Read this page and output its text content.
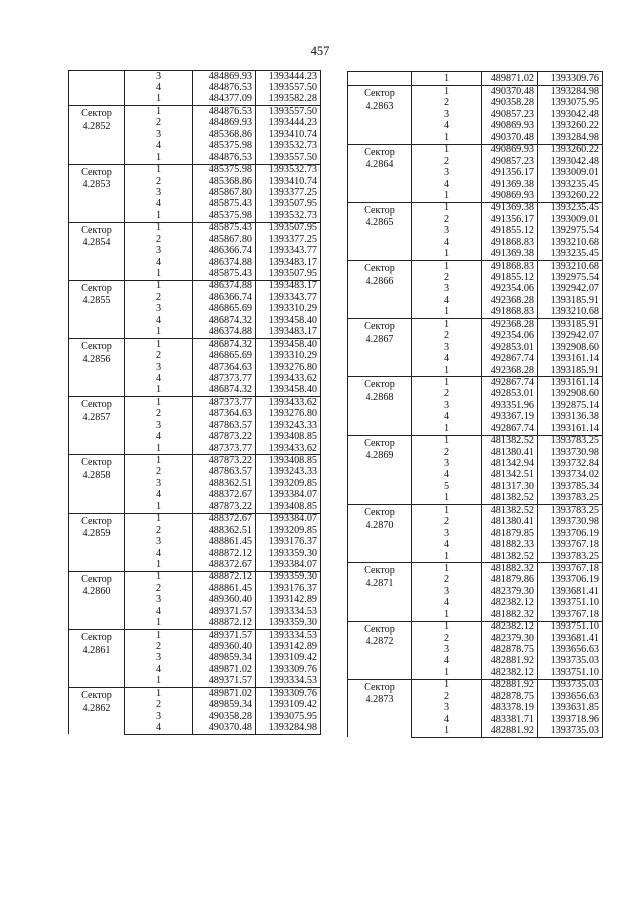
457
	3	484869.93	1393444.23
	4	484876.53	1393557.50
	1	484377.09	1393582.28
Сектор
4.2852	1	484876.53	1393557.50
	2	484869.93	1393444.23
	3	485368.86	1393410.74
	4	485375.98	1393532.73
	1	484876.53	1393557.50
Сектор
4.2853	1	485375.98	1393532.73
	2	485368.86	1393410.74
	3	485867.80	1393377.25
	4	485875.43	1393507.95
	1	485375.98	1393532.73
Сектор
4.2854	1	485875.43	1393507.95
	2	485867.80	1393377.25
	3	486366.74	1393343.77
	4	486374.88	1393483.17
	1	485875.43	1393507.95
Сектор
4.2855	1	486374.88	1393483.17
	2	486366.74	1393343.77
	3	486865.69	1393310.29
	4	486874.32	1393458.40
	1	486374.88	1393483.17
Сектор
4.2856	1	486874.32	1393458.40
	2	486865.69	1393310.29
	3	487364.63	1393276.80
	4	487373.77	1393433.62
	1	486874.32	1393458.40
Сектор
4.2857	1	487373.77	1393433.62
	2	487364.63	1393276.80
	3	487863.57	1393243.33
	4	487873.22	1393408.85
	1	487373.77	1393433.62
Сектор
4.2858	1	487873.22	1393408.85
	2	487863.57	1393243.33
	3	488362.51	1393209.85
	4	488372.67	1393384.07
	1	487873.22	1393408.85
Сектор
4.2859	1	488372.67	1393384.07
	2	488362.51	1393209.85
	3	488861.45	1393176.37
	4	488872.12	1393359.30
	1	488372.67	1393384.07
Сектор
4.2860	1	488872.12	1393359.30
	2	488861.45	1393176.37
	3	489360.40	1393142.89
	4	489371.57	1393334.53
	1	488872.12	1393359.30
Сектор
4.2861	1	489371.57	1393334.53
	2	489360.40	1393142.89
	3	489859.34	1393109.42
	4	489871.02	1393309.76
	1	489371.57	1393334.53
Сектор
4.2862	1	489871.02	1393309.76
	2	489859.34	1393109.42
	3	490358.28	1393075.95
	4	490370.48	1393284.98
	1	489871.02	1393309.76
Сектор
4.2863	1	490370.48	1393284.98
	2	490358.28	1393075.95
	3	490857.23	1393042.48
	4	490869.93	1393260.22
	1	490370.48	1393284.98
Сектор
4.2864	1	490869.93	1393260.22
	2	490857.23	1393042.48
	3	491356.17	1393009.01
	4	491369.38	1393235.45
	1	490869.93	1393260.22
Сектор
4.2865	1	491369.38	1393235.45
	2	491356.17	1393009.01
	3	491855.12	1392975.54
	4	491868.83	1393210.68
	1	491369.38	1393235.45
Сектор
4.2866	1	491868.83	1393210.68
	2	491855.12	1392975.54
	3	492354.06	1392942.07
	4	492368.28	1393185.91
	1	491868.83	1393210.68
Сектор
4.2867	1	492368.28	1393185.91
	2	492354.06	1392942.07
	3	492853.01	1392908.60
	4	492867.74	1393161.14
	1	492368.28	1393185.91
Сектор
4.2868	1	492867.74	1393161.14
	2	492853.01	1392908.60
	3	493351.96	1392875.14
	4	493367.19	1393136.38
	1	492867.74	1393161.14
Сектор
4.2869	1	481382.52	1393783.25
	2	481380.41	1393730.98
	3	481342.94	1393732.84
	4	481342.51	1393734.02
	5	481317.30	1393785.34
	1	481382.52	1393783.25
Сектор
4.2870	1	481382.52	1393783.25
	2	481380.41	1393730.98
	3	481879.85	1393706.19
	4	481882.33	1393767.18
	1	481382.52	1393783.25
Сектор
4.2871	1	481882.32	1393767.18
	2	481879.86	1393706.19
	3	482379.30	1393681.41
	4	482382.12	1393751.10
	1	481882.32	1393767.18
Сектор
4.2872	1	482382.12	1393751.10
	2	482379.30	1393681.41
	3	482878.75	1393656.63
	4	482881.92	1393735.03
	1	482382.12	1393751.10
Сектор
4.2873	1	482881.92	1393735.03
	2	482878.75	1393656.63
	3	483378.19	1393631.85
	4	483381.71	1393718.96
	1	482881.92	1393735.03
